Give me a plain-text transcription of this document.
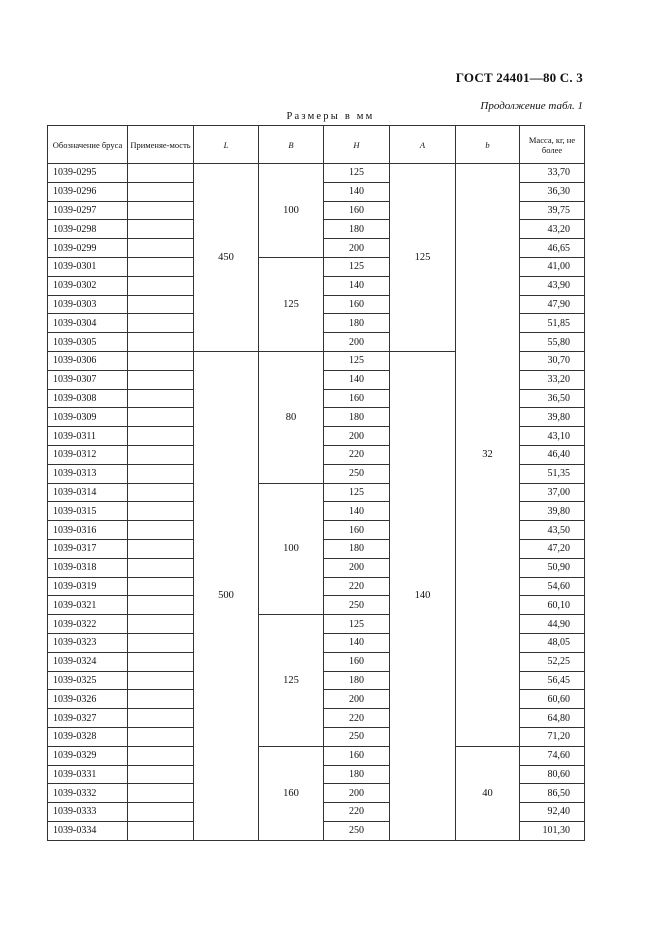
ГОСТ 24401—80 С. 3
Продолжение табл. 1
Размеры в мм
Обозначение бруса	Применяе-мость	L	B	H	A	b	Масса, кг, не более
1039-0295		450	100	125	125	32	33,70
1039-0296				140			36,30
1039-0297				160			39,75
1039-0298				180			43,20
1039-0299				200			46,65
1039-0301			125	125			41,00
1039-0302				140			43,90
1039-0303				160			47,90
1039-0304				180			51,85
1039-0305				200			55,80
1039-0306		500	80	125	140		30,70
1039-0307				140			33,20
1039-0308				160			36,50
1039-0309				180			39,80
1039-0311				200			43,10
1039-0312				220			46,40
1039-0313				250			51,35
1039-0314			100	125			37,00
1039-0315				140			39,80
1039-0316				160			43,50
1039-0317				180			47,20
1039-0318				200			50,90
1039-0319				220			54,60
1039-0321				250			60,10
1039-0322			125	125			44,90
1039-0323				140			48,05
1039-0324				160			52,25
1039-0325				180			56,45
1039-0326				200			60,60
1039-0327				220			64,80
1039-0328				250			71,20
1039-0329			160	160		40	74,60
1039-0331				180			80,60
1039-0332				200			86,50
1039-0333				220			92,40
1039-0334				250			101,30
